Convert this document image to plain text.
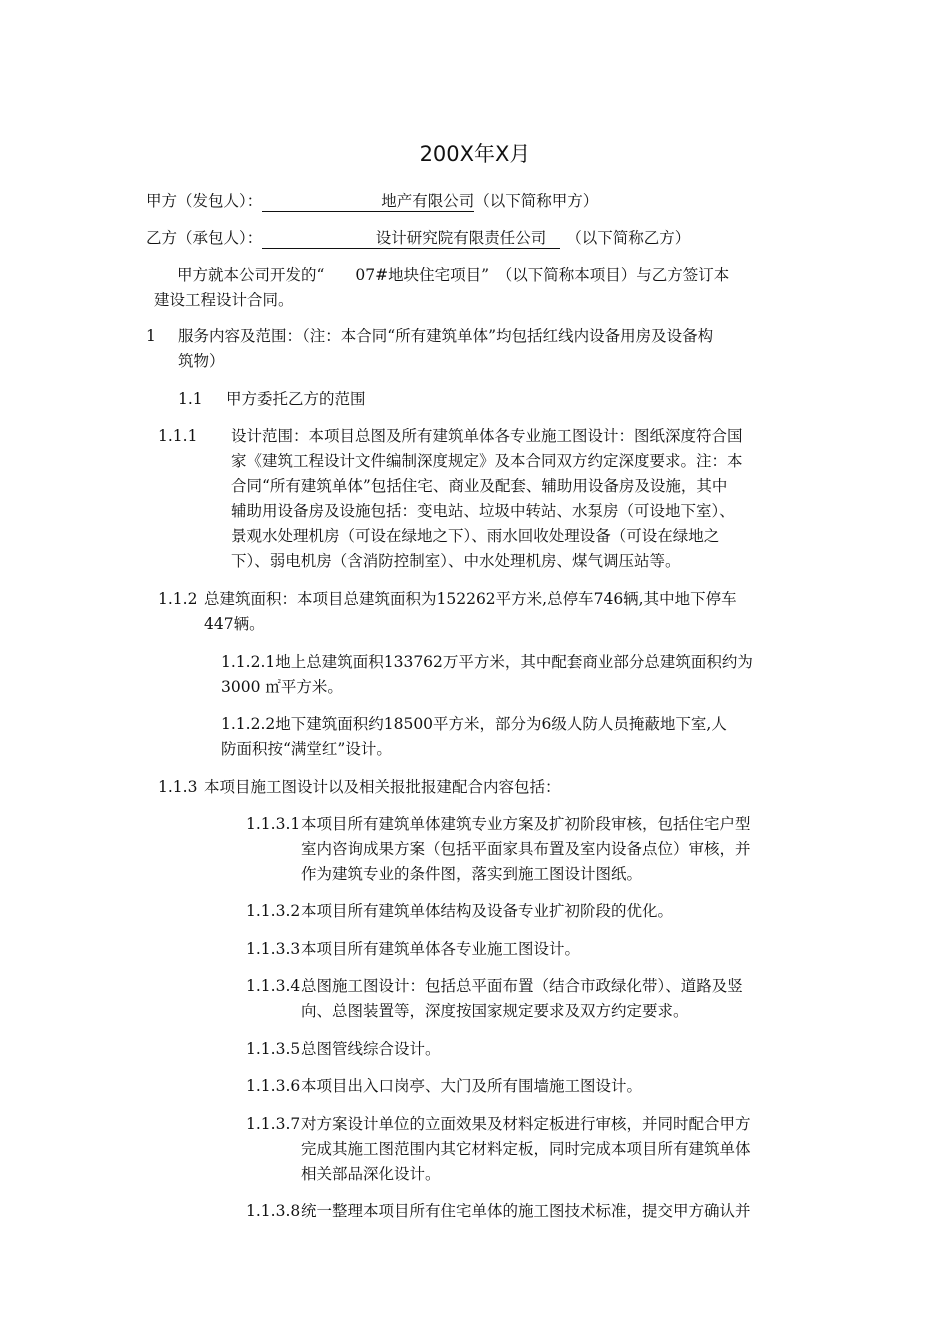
200X年X月
甲方（发包人）：	地产有限公司（以下简称甲方）
乙方（承包人）：	设计研究院有限责任公司 （以下简称乙方）
甲方就本公司开发的“　　07#地块住宅项目”　（以下简称本项目）与乙方签订本
建设工程设计合同。
1 服务内容及范围：（注：本合同“所有建筑单体”均包括红线内设备用房及设备构
筑物）
1.1 甲方委托乙方的范围
1.1.1 设计范围：本项目总图及所有建筑单体各专业施工图设计：图纸深度符合国
家《建筑工程设计文件编制深度规定》及本合同双方约定深度要求。注：本
合同“所有建筑单体”包括住宅、商业及配套、辅助用设备房及设施，其中
辅助用设备房及设施包括：变电站、垃圾中转站、水泵房（可设地下室）、
景观水处理机房（可设在绿地之下）、雨水回收处理设备（可设在绿地之
下）、弱电机房（含消防控制室）、中水处理机房、煤气调压站等。
1.1.2 总建筑面积：本项目总建筑面积为152262平方米,总停车746辆,其中地下停车
447辆。
1.1.2.1地上总建筑面积133762万平方米，其中配套商业部分总建筑面积约为
3000 ㎡平方米。
1.1.2.2地下建筑面积约18500平方米，部分为6级人防人员掩蔽地下室,人
防面积按“满堂红”设计。
1.1.3 本项目施工图设计以及相关报批报建配合内容包括：
1.1.3.1 本项目所有建筑单体建筑专业方案及扩初阶段审核，包括住宅户型
室内咨询成果方案（包括平面家具布置及室内设备点位）审核，并
作为建筑专业的条件图，落实到施工图设计图纸。
1.1.3.2 本项目所有建筑单体结构及设备专业扩初阶段的优化。
1.1.3.3 本项目所有建筑单体各专业施工图设计。
1.1.3.4 总图施工图设计：包括总平面布置（结合市政绿化带）、道路及竖
向、总图装置等，深度按国家规定要求及双方约定要求。
1.1.3.5 总图管线综合设计。
1.1.3.6 本项目出入口岗亭、大门及所有围墙施工图设计。
1.1.3.7 对方案设计单位的立面效果及材料定板进行审核，并同时配合甲方
完成其施工图范围内其它材料定板，同时完成本项目所有建筑单体
相关部品深化设计。
1.1.3.8 统一整理本项目所有住宅单体的施工图技术标准，提交甲方确认并
